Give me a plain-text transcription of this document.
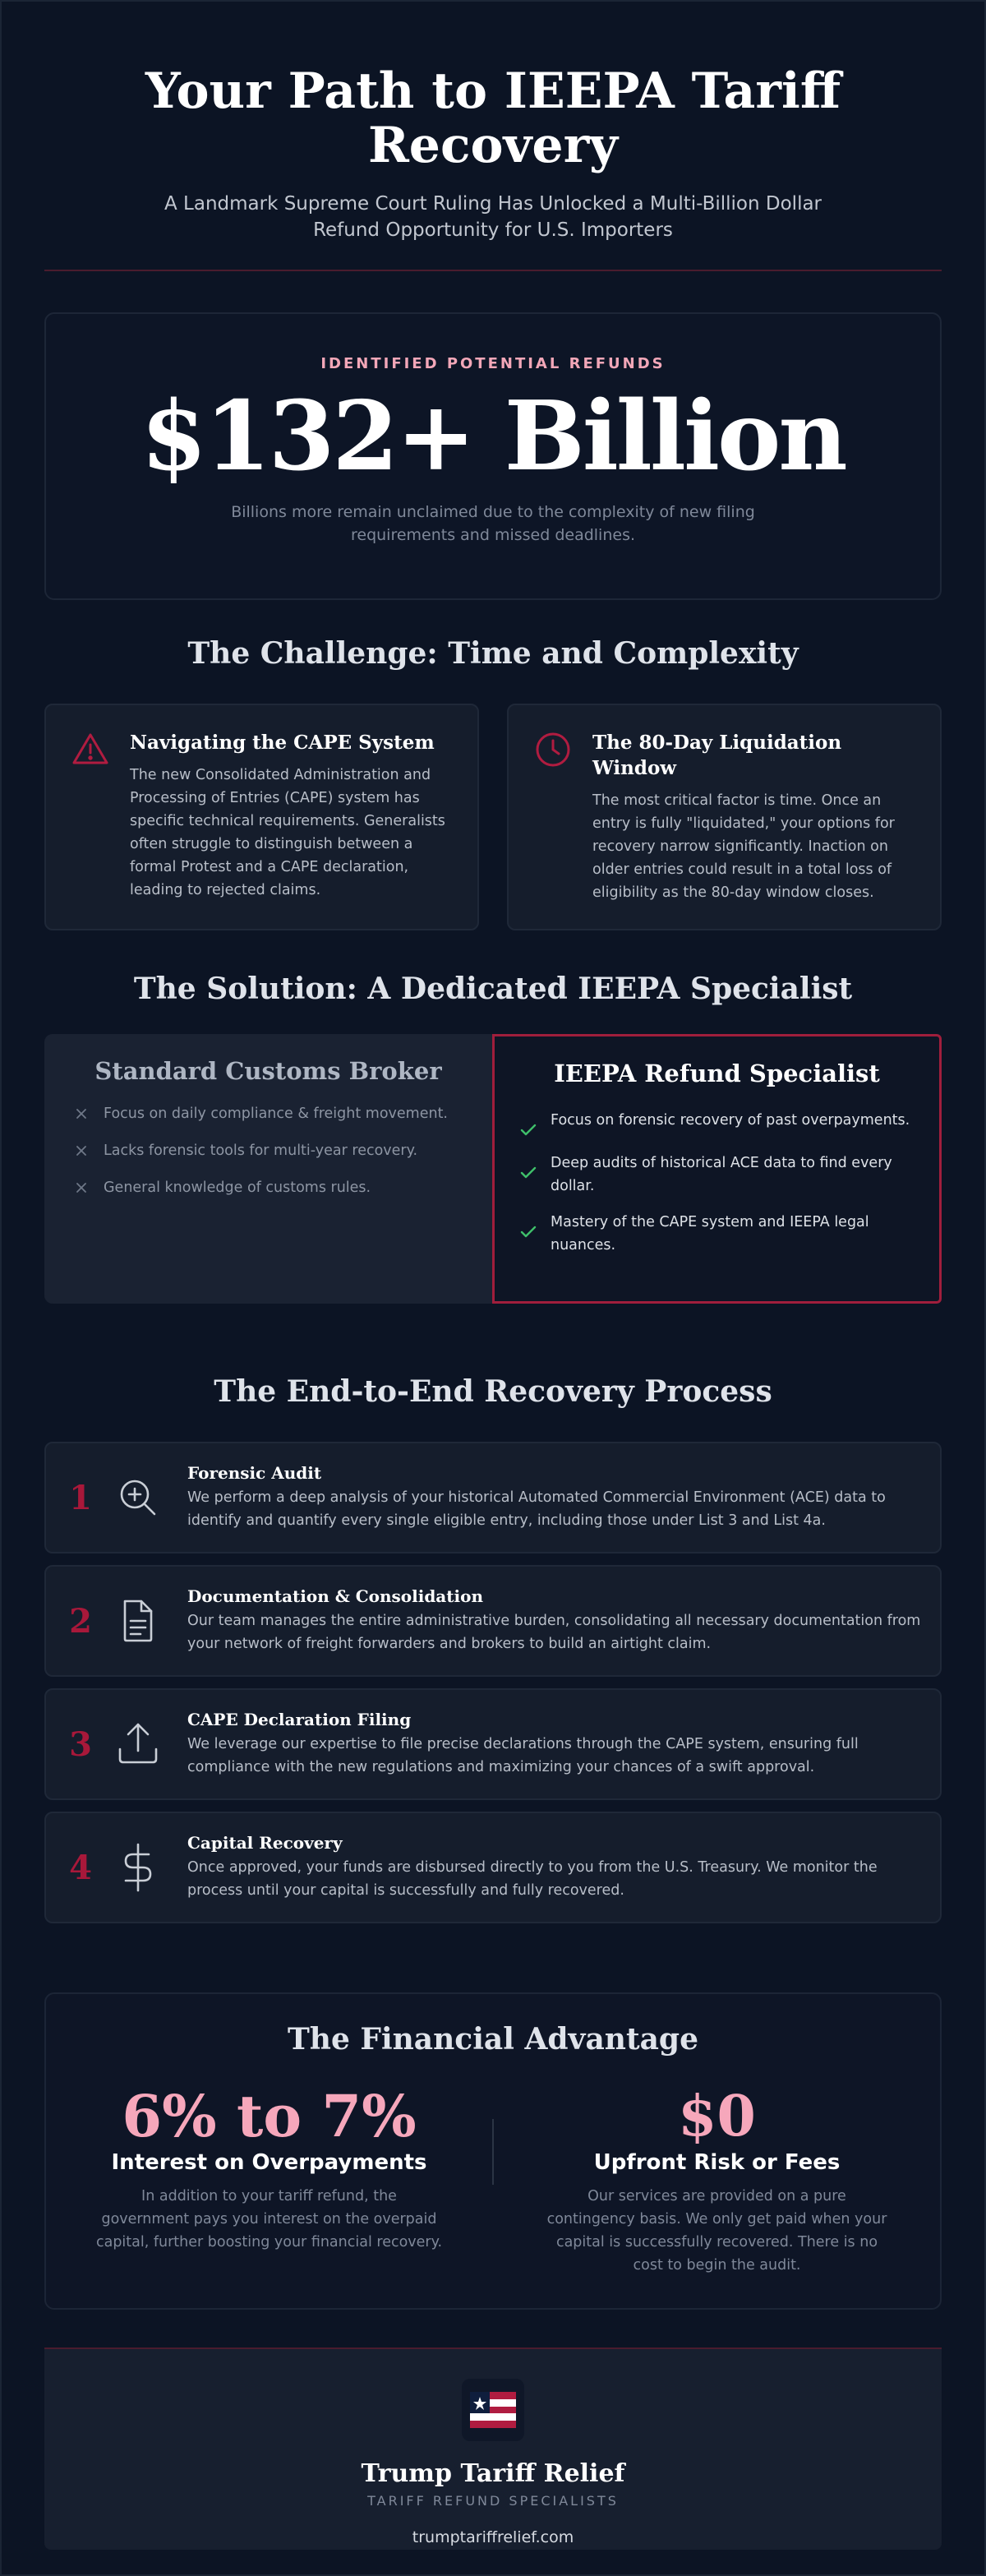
Your Path to IEEPA Tariff Recovery

A Landmark Supreme Court Ruling Has Unlocked a Multi-Billion Dollar Refund Opportunity for U.S. Importers

IDENTIFIED POTENTIAL REFUNDS
$132+ Billion

Billions more remain unclaimed due to the complexity of new filing requirements and missed deadlines.

The Challenge: Time and Complexity
Navigating the CAPE System

The new Consolidated Administration and Processing of Entries (CAPE) system has specific technical requirements. Generalists often struggle to distinguish between a formal Protest and a CAPE declaration, leading to rejected claims.

The 80-Day Liquidation Window

The most critical factor is time. Once an entry is fully "liquidated," your options for recovery narrow significantly. Inaction on older entries could result in a total loss of eligibility as the 80-day window closes.

The Solution: A Dedicated IEEPA Specialist
Standard Customs Broker
Focus on daily compliance & freight movement.
Lacks forensic tools for multi-year recovery.
General knowledge of customs rules.
IEEPA Refund Specialist
Focus on forensic recovery of past overpayments.
Deep audits of historical ACE data to find every dollar.
Mastery of the CAPE system and IEEPA legal nuances.
The End-to-End Recovery Process
1
Forensic Audit

We perform a deep analysis of your historical Automated Commercial Environment (ACE) data to identify and quantify every single eligible entry, including those under List 3 and List 4a.

2
Documentation & Consolidation

Our team manages the entire administrative burden, consolidating all necessary documentation from your network of freight forwarders and brokers to build an airtight claim.

3
CAPE Declaration Filing

We leverage our expertise to file precise declarations through the CAPE system, ensuring full compliance with the new regulations and maximizing your chances of a swift approval.

4
Capital Recovery

Once approved, your funds are disbursed directly to you from the U.S. Treasury. We monitor the process until your capital is successfully and fully recovered.

The Financial Advantage
6% to 7%
Interest on Overpayments

In addition to your tariff refund, the government pays you interest on the overpaid capital, further boosting your financial recovery.

$0
Upfront Risk or Fees

Our services are provided on a pure contingency basis. We only get paid when your capital is successfully recovered. There is no cost to begin the audit.

Trump Tariff Relief
TARIFF REFUND SPECIALISTS
trumptariffrelief.com
